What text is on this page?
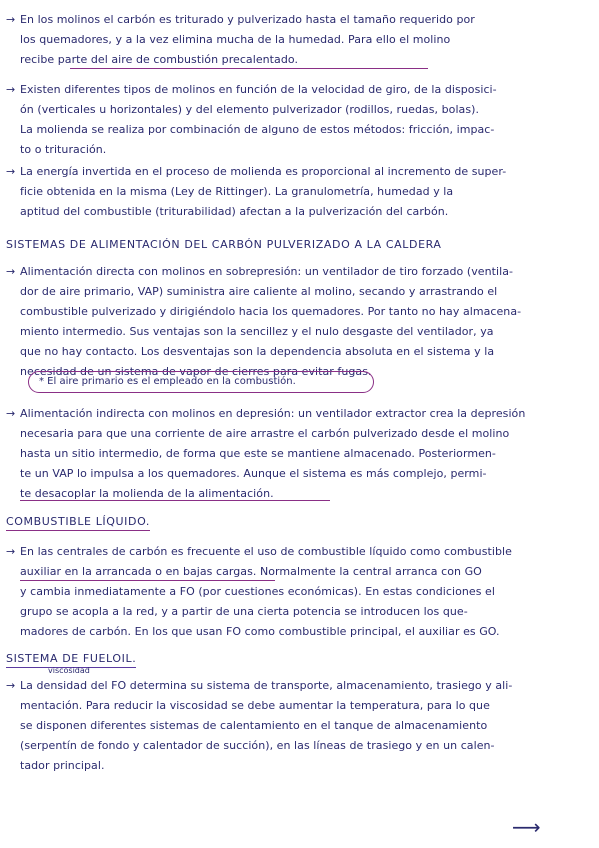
→ En los molinos el carbón es triturado y pulverizado hasta el tamaño requerido por
los quemadores, y a la vez elimina mucha de la humedad. Para ello el molino
recibe parte del aire de combustión precalentado.
→ Existen diferentes tipos de molinos en función de la velocidad de giro, de la disposici-
ón (verticales u horizontales) y del elemento pulverizador (rodillos, ruedas, bolas).
La molienda se realiza por combinación de alguno de estos métodos: fricción, impac-
to o trituración.
→ La energía invertida en el proceso de molienda es proporcional al incremento de super-
ficie obtenida en la misma (Ley de Rittinger). La granulometría, humedad y la
aptitud del combustible (triturabilidad) afectan a la pulverización del carbón.
SISTEMAS DE ALIMENTACIÓN DEL CARBÓN PULVERIZADO A LA CALDERA
→ Alimentación directa con molinos en sobrepresión: un ventilador de tiro forzado (ventila-
dor de aire primario, VAP) suministra aire caliente al molino, secando y arrastrando el
combustible pulverizado y dirigiéndolo hacia los quemadores. Por tanto no hay almacena-
miento intermedio. Sus ventajas son la sencillez y el nulo desgaste del ventilador, ya
que no hay contacto. Los desventajas son la dependencia absoluta en el sistema y la
necesidad de un sistema de vapor de cierres para evitar fugas.
* El aire primario es el empleado en la combustión.
→ Alimentación indirecta con molinos en depresión: un ventilador extractor crea la depresión
necesaria para que una corriente de aire arrastre el carbón pulverizado desde el molino
hasta un sitio intermedio, de forma que este se mantiene almacenado. Posteriormen-
te un VAP lo impulsa a los quemadores. Aunque el sistema es más complejo, permi-
te desacoplar la molienda de la alimentación.
COMBUSTIBLE LÍQUIDO.
→ En las centrales de carbón es frecuente el uso de combustible líquido como combustible
auxiliar en la arrancada o en bajas cargas. Normalmente la central arranca con GO
y cambia inmediatamente a FO (por cuestiones económicas). En estas condiciones el
grupo se acopla a la red, y a partir de una cierta potencia se introducen los que-
madores de carbón. En los que usan FO como combustible principal, el auxiliar es GO.
SISTEMA DE FUELOIL.
viscosidad
→ La densidad del FO determina su sistema de transporte, almacenamiento, trasiego y ali-
mentación. Para reducir la viscosidad se debe aumentar la temperatura, para lo que
se disponen diferentes sistemas de calentamiento en el tanque de almacenamiento
(serpentín de fondo y calentador de succión), en las líneas de trasiego y en un calen-
tador principal.
⟶
